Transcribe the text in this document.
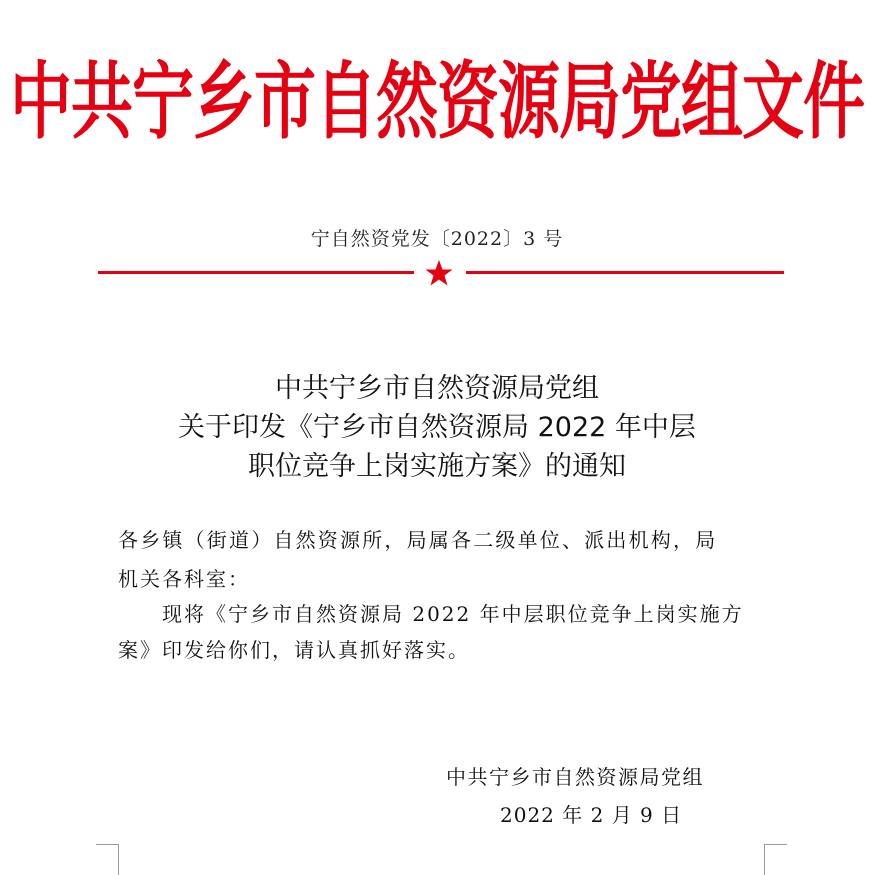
中共宁乡市自然资源局党组文件
宁自然资党发〔2022〕3 号
中共宁乡市自然资源局党组
关于印发《宁乡市自然资源局 2022 年中层
职位竞争上岗实施方案》的通知
各乡镇（街道）自然资源所，局属各二级单位、派出机构，局
机关各科室：
现将《宁乡市自然资源局 2022 年中层职位竞争上岗实施方
案》印发给你们，请认真抓好落实。
中共宁乡市自然资源局党组
2022 年 2 月 9 日
